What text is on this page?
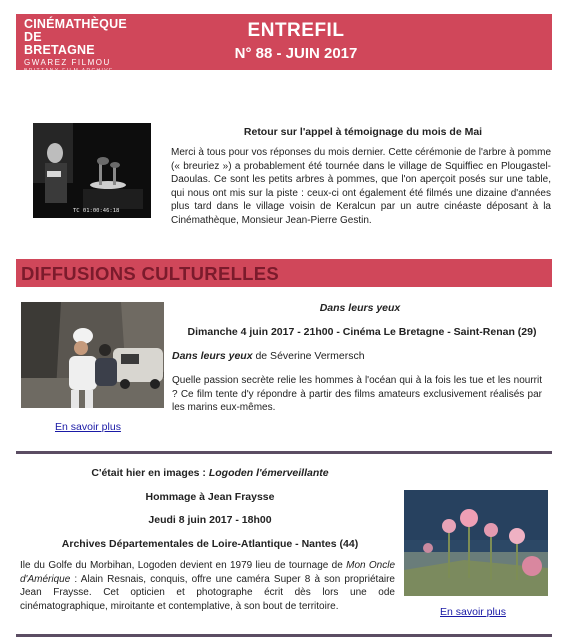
CINÉMATHÈQUE
DE BRETAGNE
GWAREZ FILMOU
BRITTANY FILM ARCHIVE
ENTREFIL
N° 88 - JUIN 2017
TC 01:00:46:18
Retour sur l'appel à témoignage du mois de Mai
Merci à tous pour vos réponses du mois dernier. Cette cérémonie de l'arbre à pomme (« breuriez ») a probablement été tournée dans le village de Squiffiec en Plougastel-Daoulas. Ce sont les petits arbres à pommes, que l'on aperçoit posés sur une table, qui nous ont mis sur la piste : ceux-ci ont également été filmés une dizaine d'années plus tard dans le village voisin de Keralcun par un autre cinéaste déposant à la Cinémathèque, Monsieur Jean-Pierre Gestin.
DIFFUSIONS CULTURELLES
Dans leurs yeux
Dimanche 4 juin 2017 - 21h00 - Cinéma Le Bretagne - Saint-Renan (29)
Dans leurs yeux de Séverine Vermersch
Quelle passion secrète relie les hommes à l'océan qui à la fois les tue et les nourrit ? Ce film tente d'y répondre à partir des films amateurs exclusivement réalisés par les marins eux-mêmes.
En savoir plus
C'était hier en images : Logoden l'émerveillante
Hommage à Jean Fraysse
Jeudi 8 juin 2017 - 18h00
Archives Départementales de Loire-Atlantique - Nantes (44)
Ile du Golfe du Morbihan, Logoden devient en 1979 lieu de tournage de Mon Oncle d'Amérique : Alain Resnais, conquis, offre une caméra Super 8 à son propriétaire Jean Fraysse. Cet opticien et photographe écrit dès lors une ode cinématographique, miroitante et contemplative, à son bout de territoire.	En savoir plus
